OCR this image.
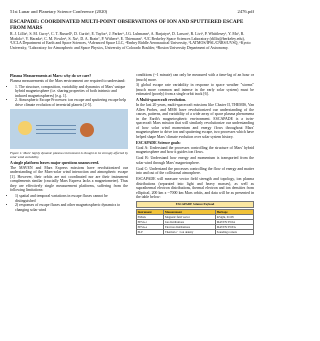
51st Lunar and Planetary Science Conference (2020)	2476.pdf
ESCAPADE: COORDINATED MULTI-POINT OBSERVATIONS OF ION AND SPUTTERED ESCAPE FROM MARS
R. J. Lillis¹, S. M. Curry¹, C. T. Russell², D. Curtis¹, E. Taylor¹, J. Parker³, J.G. Luhmann¹, A. Barjatya⁴, D. Larson¹, R. Livi¹, P. Whittlesey¹, Y. Ma², R. Modolo⁵, Y. Harada⁶, C. M. Fowler¹, S. Xu¹, D. A. Brain⁷, P. Withers⁸, E. Thiemann⁷. ¹UC Berkeley Space Sciences Laboratory (rlillis@berkeley.edu), ²UCLA Department of Earth and Space Sciences, ³Advanced Space LLC, ⁴Embry Riddle Aeronautical University, ⁵LATMOS/IPSL/CNRS/UVSQ, ⁶Kyoto University, ⁷Laboratory for Atmospheric and Space Physics, University of Colorado Boulder, ⁸Boston University Department of Astronomy.
Plasma Measurements at Mars: why do we care?

Plasma measurements of the Mars environment are required to understand:

• 1. The structure, composition, variability and dynamics of Mars' unique hybrid magnetosphere (i.e. sharing properties of both intrinsic and induced magnetospheres) [e.g. 1].
• 2. Atmospheric Escape Processes: ion escape and sputtering escape help drive climate evolution of terrestrial planets [2-5].

Figure 1: Mars' highly dynamic plasma environment is thought to be strongly affected by solar wind variability.

A single platform leaves major questions unanswered.

The MAVEN and Mars Express missions have revolutionized our understanding of the Mars-solar wind interaction and atmospheric escape [1]. However, their orbits are not coordinated nor are their instrument complements similar (crucially Mars Express lacks a magnetometer). Thus they are effectively single measurement platforms, suffering from the following limitations:

• 1) spatial and temporal variations in escape fluxes cannot be distinguished
• 2) responses of escape fluxes and other magnetospheric dynamics to changing solar wind

conditions (~1 minute) can only be measured with a time-lag of an hour or (much) more.

3) global escape rate variability in response to space weather "storms" (much more common and intense in the early solar system) must be estimated (poorly) from a single orbit track [6].

A Multi-spacecraft revolution.

In the last 20 years, multi-spacecraft missions like Cluster II, THEMIS, Van Allen Probes, and MMS have revolutionized our understanding of the causes, patterns, and variability of a wide array of space plasma phenomena in the Earth's magnetospheric environment. ESCAPADE is a twin-spacecraft Mars mission that will similarly revolutionize our understanding of how solar wind momentum and energy flows throughout Mars' magnetosphere to drive ion and sputtering escape, two processes which have helped shape Mars' climate evolution over solar system history.

ESCAPADE Science goals:

Goal A: Understand the processes controlling the structure of Mars' hybrid magnetosphere and how it guides ion flows.

Goal B: Understand how energy and momentum is transported from the solar wind through Mars' magnetosphere.

Goal C: Understand the processes controlling the flow of energy and matter into and out of the collisional atmosphere.

ESCAPADE will measure vector field strength and topology, ion plasma distributions (separated into light and heavy masses), as well as suprathermal electron distributions, thermal electron and ion densities from elliptical, 200 km x ~7000 km Mars orbits, and data will be as presented in the table below:

ESCAPADE Science Payload
Instrument	Measurement	Heritage
EMAG	Magnetic field vector	InSight, ICON
EESA-i	Ion distributions	MAVEN SWIA
EESA-e	Electron distributions	MAVEN SWEA
ELP	Thermal e⁻ / ion density	Sounding rockets
